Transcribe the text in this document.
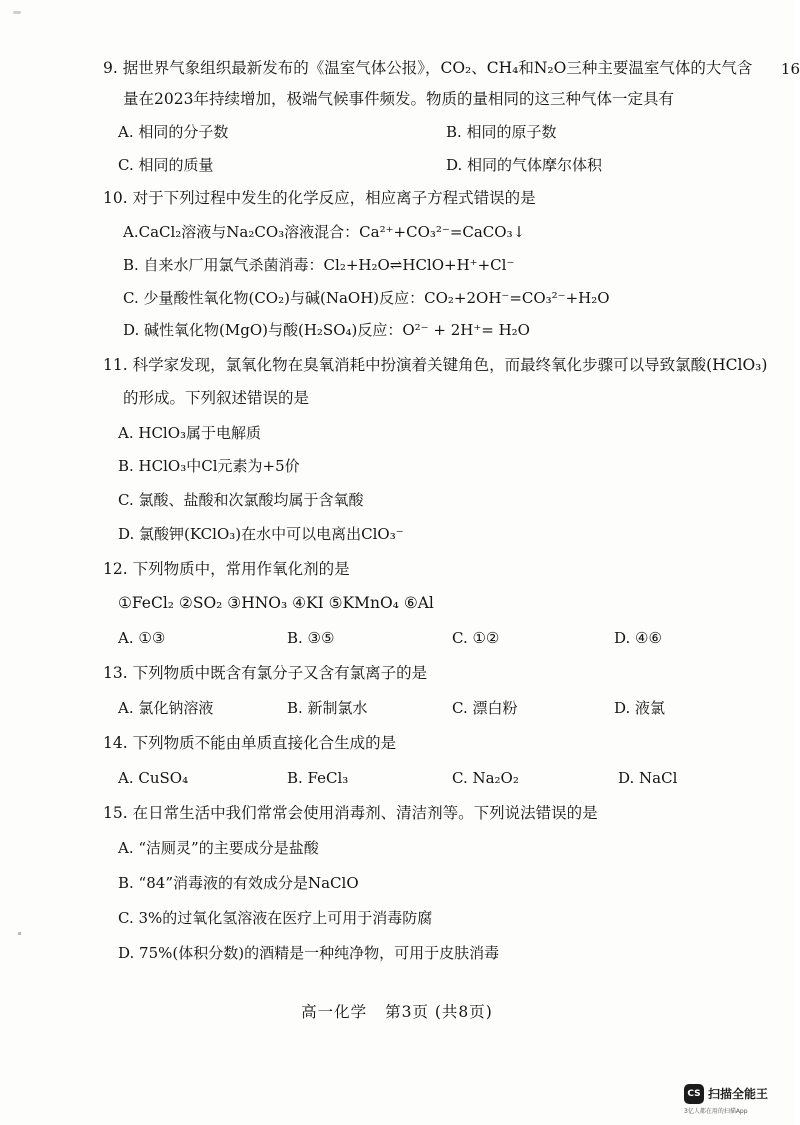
16
9. 据世界气象组织最新发布的《温室气体公报》，CO₂、CH₄和N₂O三种主要温室气体的大气含
量在2023年持续增加，极端气候事件频发。物质的量相同的这三种气体一定具有
A. 相同的分子数	B. 相同的原子数
C. 相同的质量	D. 相同的气体摩尔体积
10. 对于下列过程中发生的化学反应，相应离子方程式错误的是
A.CaCl₂溶液与Na₂CO₃溶液混合：Ca²⁺+CO₃²⁻=CaCO₃↓
B. 自来水厂用氯气杀菌消毒：Cl₂+H₂O⇌HClO+H⁺+Cl⁻
C. 少量酸性氧化物(CO₂)与碱(NaOH)反应：CO₂+2OH⁻=CO₃²⁻+H₂O
D. 碱性氧化物(MgO)与酸(H₂SO₄)反应：O²⁻ + 2H⁺= H₂O
11. 科学家发现，氯氧化物在臭氧消耗中扮演着关键角色，而最终氧化步骤可以导致氯酸(HClO₃)
的形成。下列叙述错误的是
A. HClO₃属于电解质
B. HClO₃中Cl元素为+5价
C. 氯酸、盐酸和次氯酸均属于含氧酸
D. 氯酸钾(KClO₃)在水中可以电离出ClO₃⁻
12. 下列物质中，常用作氧化剂的是
①FeCl₂ ②SO₂ ③HNO₃ ④KI ⑤KMnO₄ ⑥Al
A. ①③	B. ③⑤	C. ①②	D. ④⑥
13. 下列物质中既含有氯分子又含有氯离子的是
A. 氯化钠溶液	B. 新制氯水	C. 漂白粉	D. 液氯
14. 下列物质不能由单质直接化合生成的是
A. CuSO₄	B. FeCl₃	C. Na₂O₂	D. NaCl
15. 在日常生活中我们常常会使用消毒剂、清洁剂等。下列说法错误的是
A. “洁厕灵”的主要成分是盐酸
B. “84”消毒液的有效成分是NaClO
C. 3%的过氧化氢溶液在医疗上可用于消毒防腐
D. 75%(体积分数)的酒精是一种纯净物，可用于皮肤消毒
高一化学 第3页 (共8页)
CS 扫描全能王
3亿人都在用的扫描App
